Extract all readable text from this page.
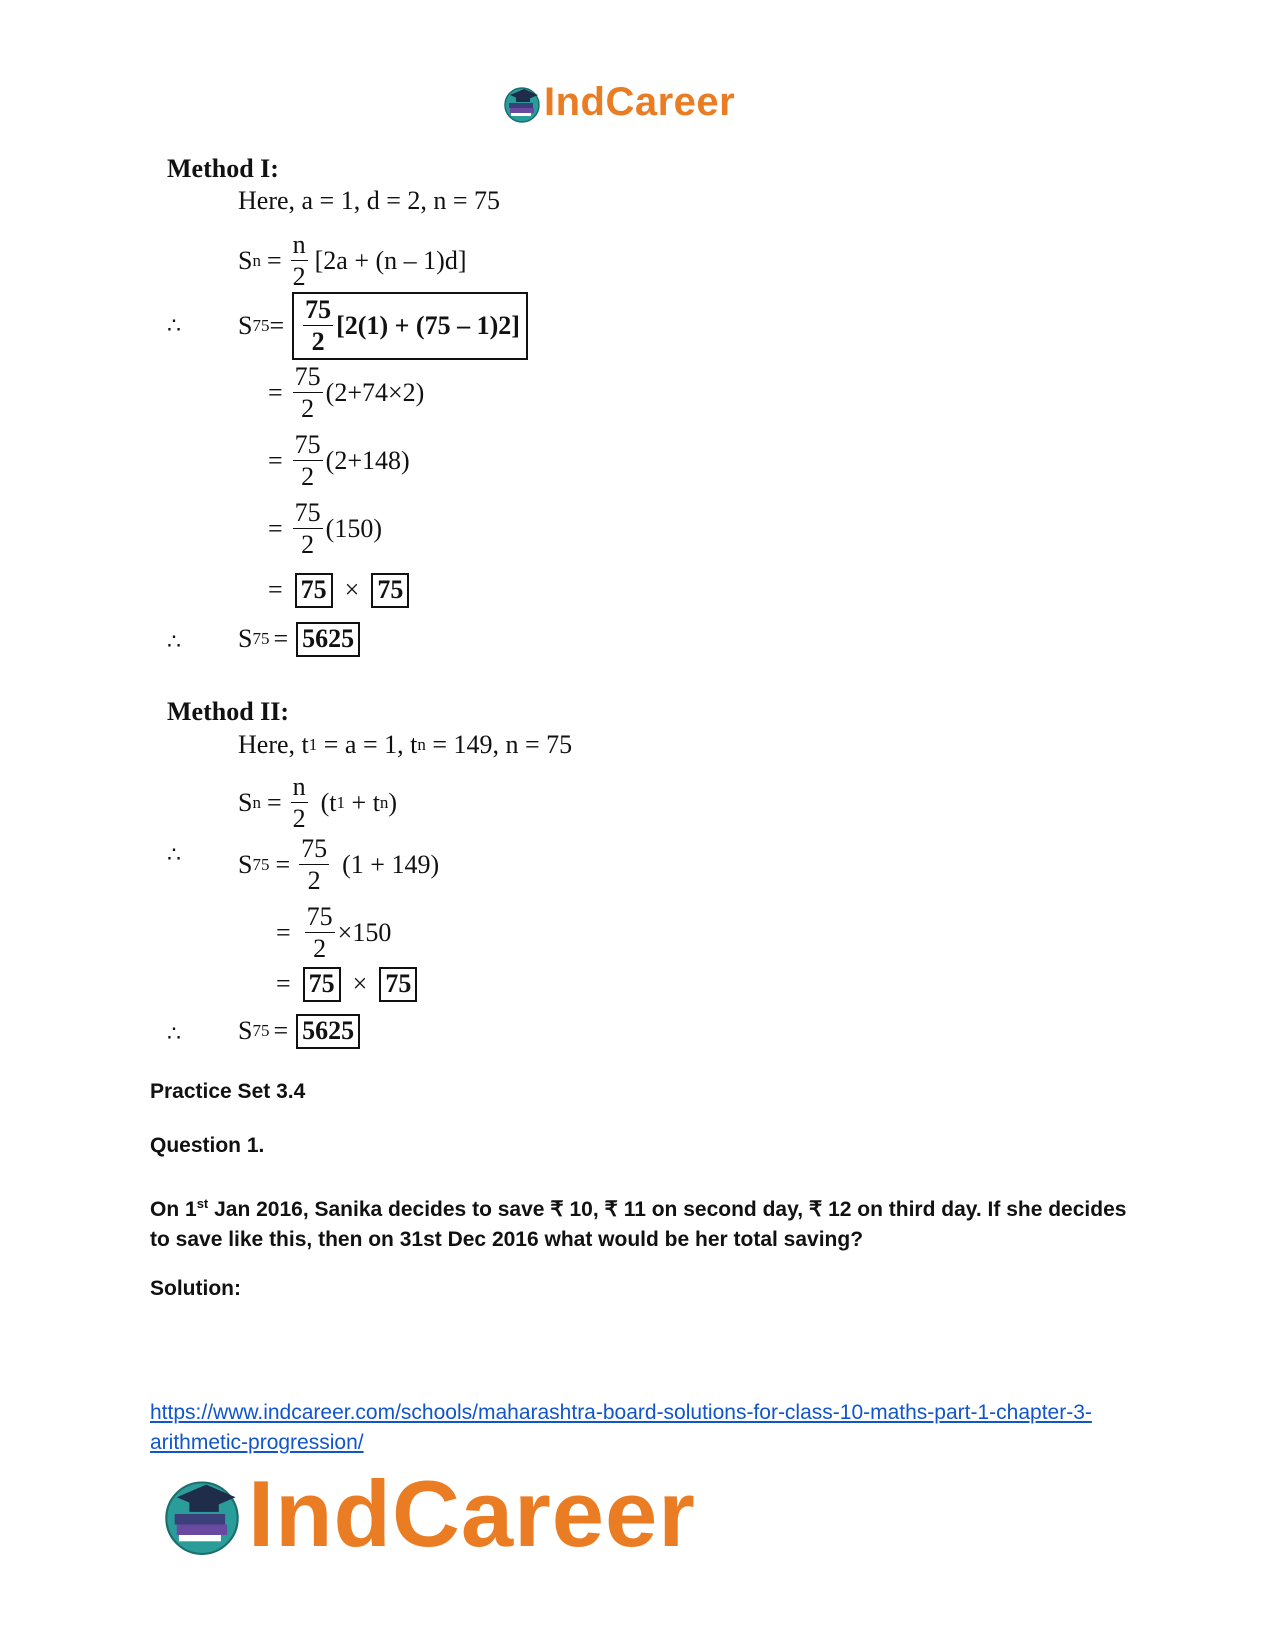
IndCareer
Method I:
Here, a = 1, d = 2, n = 75
S $n = \frac{n}{2} [2a + (n - 1)d]$
∴ S $75 = \frac{75}{2} [2(1) + (75 - 1)2]$
= $\frac{75}{2} (2+74\times 2)$
= $\frac{75}{2} (2+148)$
= $\frac{75}{2} (150)$
= 75 × 75
∴ S 75 = 5625
Method II:
Here, t 1 = a = 1, t n = 149, n = 75
S $n = \frac{n}{2} (t$ 1 + t n )
∴ S $75 = \frac{75}{2} (1 + 149)$
= $\frac{75}{2} \times 150$
= 75 × 75
∴ S 75 = 5625
Practice Set 3.4
Question 1.
On 1st Jan 2016, Sanika decides to save ₹ 10, ₹ 11 on second day, ₹ 12 on third day. If she decides to save like this, then on 31st Dec 2016 what would be her total saving?
Solution:
https://www.indcareer.com/schools/maharashtra-board-solutions-for-class-10-maths-part-1-chapter-3-arithmetic-progression/
IndCareer
